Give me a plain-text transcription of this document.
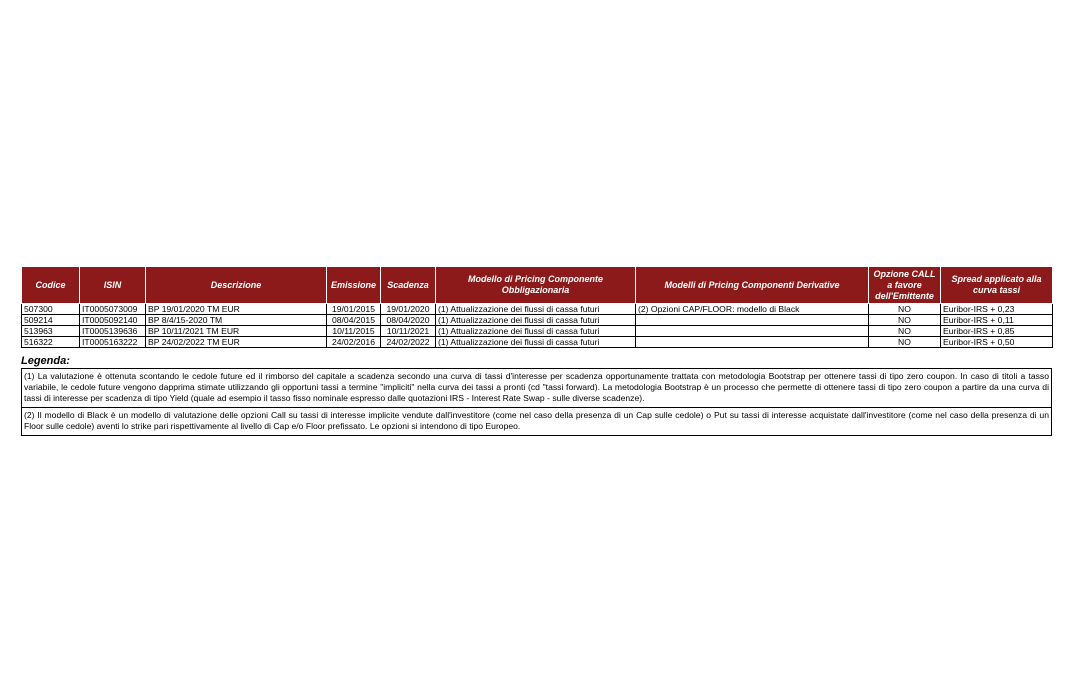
Codice	ISIN	Descrizione	Emissione	Scadenza	Modello di Pricing Componente Obbligazionaria	Modelli di Pricing Componenti Derivative	Opzione CALL a favore dell'Emittente	Spread applicato alla curva tassi
507300	IT0005073009	BP 19/01/2020 TM EUR	19/01/2015	19/01/2020	(1) Attualizzazione dei flussi di cassa futuri	(2) Opzioni CAP/FLOOR: modello di Black	NO	Euribor-IRS + 0,23
509214	IT0005092140	BP 8/4/15-2020 TM	08/04/2015	08/04/2020	(1) Attualizzazione dei flussi di cassa futuri		NO	Euribor-IRS + 0,11
513963	IT0005139636	BP 10/11/2021 TM EUR	10/11/2015	10/11/2021	(1) Attualizzazione dei flussi di cassa futuri		NO	Euribor-IRS + 0,85
516322	IT0005163222	BP 24/02/2022 TM EUR	24/02/2016	24/02/2022	(1) Attualizzazione dei flussi di cassa futuri		NO	Euribor-IRS + 0,50
Legenda:
(1) La valutazione è ottenuta scontando le cedole future ed il rimborso del capitale a scadenza secondo una curva di tassi d'interesse per scadenza opportunamente trattata con metodologia Bootstrap per ottenere tassi di tipo zero coupon. In caso di titoli a tasso variabile, le cedole future vengono dapprima stimate utilizzando gli opportuni tassi a termine "impliciti" nella curva dei tassi a pronti (cd "tassi forward). La metodologia Bootstrap è un processo che permette di ottenere tassi di tipo zero coupon a partire da una curva di tassi di interesse per scadenza di tipo Yield (quale ad esempio il tasso fisso nominale espresso dalle quotazioni IRS - Interest Rate Swap - sulle diverse scadenze).
(2) Il modello di Black è un modello di valutazione delle opzioni Call su tassi di interesse implicite vendute dall'investitore (come nel caso della presenza di un Cap sulle cedole) o Put su tassi di interesse acquistate dall'investitore (come nel caso della presenza di un Floor sulle cedole) aventi lo strike pari rispettivamente al livello di Cap e/o Floor prefissato. Le opzioni si intendono di tipo Europeo.
